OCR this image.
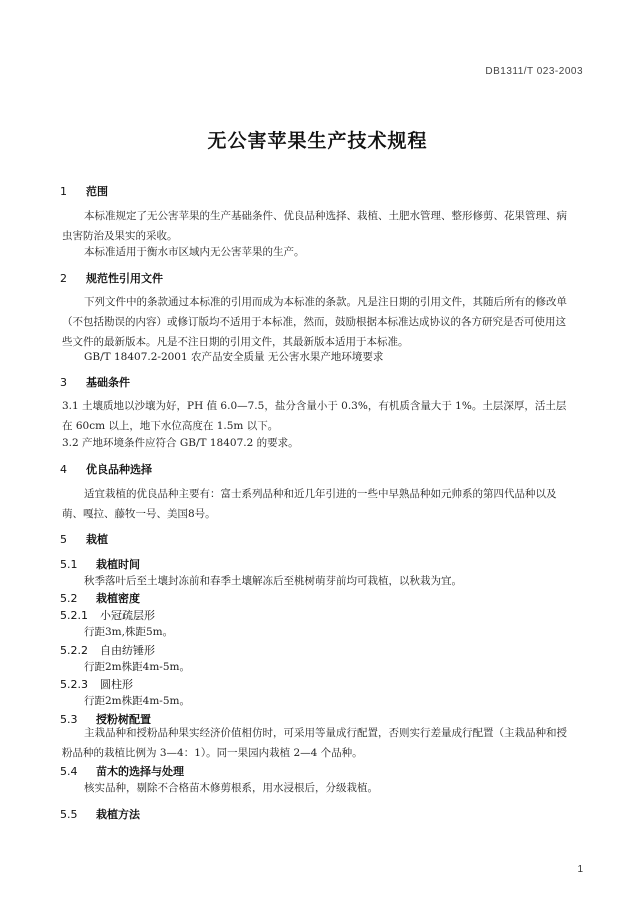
DB1311/T 023-2003
无公害苹果生产技术规程
1 范围
本标准规定了无公害苹果的生产基础条件、优良品种选择、栽植、土肥水管理、整形修剪、花果管理、病虫害防治及果实的采收。
本标准适用于衡水市区域内无公害苹果的生产。
2 规范性引用文件
下列文件中的条款通过本标准的引用而成为本标准的条款。凡是注日期的引用文件，其随后所有的修改单（不包括勘误的内容）或修订版均不适用于本标准，然而，鼓励根据本标准达成协议的各方研究是否可使用这些文件的最新版本。凡是不注日期的引用文件，其最新版本适用于本标准。
GB/T 18407.2-2001 农产品安全质量 无公害水果产地环境要求
3 基础条件
3.1 土壤质地以沙壤为好，PH 值 6.0—7.5，盐分含量小于 0.3%，有机质含量大于 1%。土层深厚，活土层在 60cm 以上，地下水位高度在 1.5m 以下。
3.2 产地环境条件应符合 GB/T 18407.2 的要求。
4 优良品种选择
适宜栽植的优良品种主要有：富士系列品种和近几年引进的一些中早熟品种如元帅系的第四代品种以及萌、嘎拉、藤牧一号、美国8号。
5 栽植
5.1 栽植时间
秋季落叶后至土壤封冻前和春季土壤解冻后至桃树萌芽前均可栽植，以秋栽为宜。
5.2 栽植密度
5.2.1 小冠疏层形
行距3m,株距5m。
5.2.2 自由纺锤形
行距2m株距4m-5m。
5.2.3 圆柱形
行距2m株距4m-5m。
5.3 授粉树配置
主栽品种和授粉品种果实经济价值相仿时，可采用等量成行配置，否则实行差量成行配置（主栽品种和授粉品种的栽植比例为 3—4：1）。同一果园内栽植 2—4 个品种。
5.4 苗木的选择与处理
核实品种，剔除不合格苗木修剪根系，用水浸根后，分级栽植。
5.5 栽植方法
1
